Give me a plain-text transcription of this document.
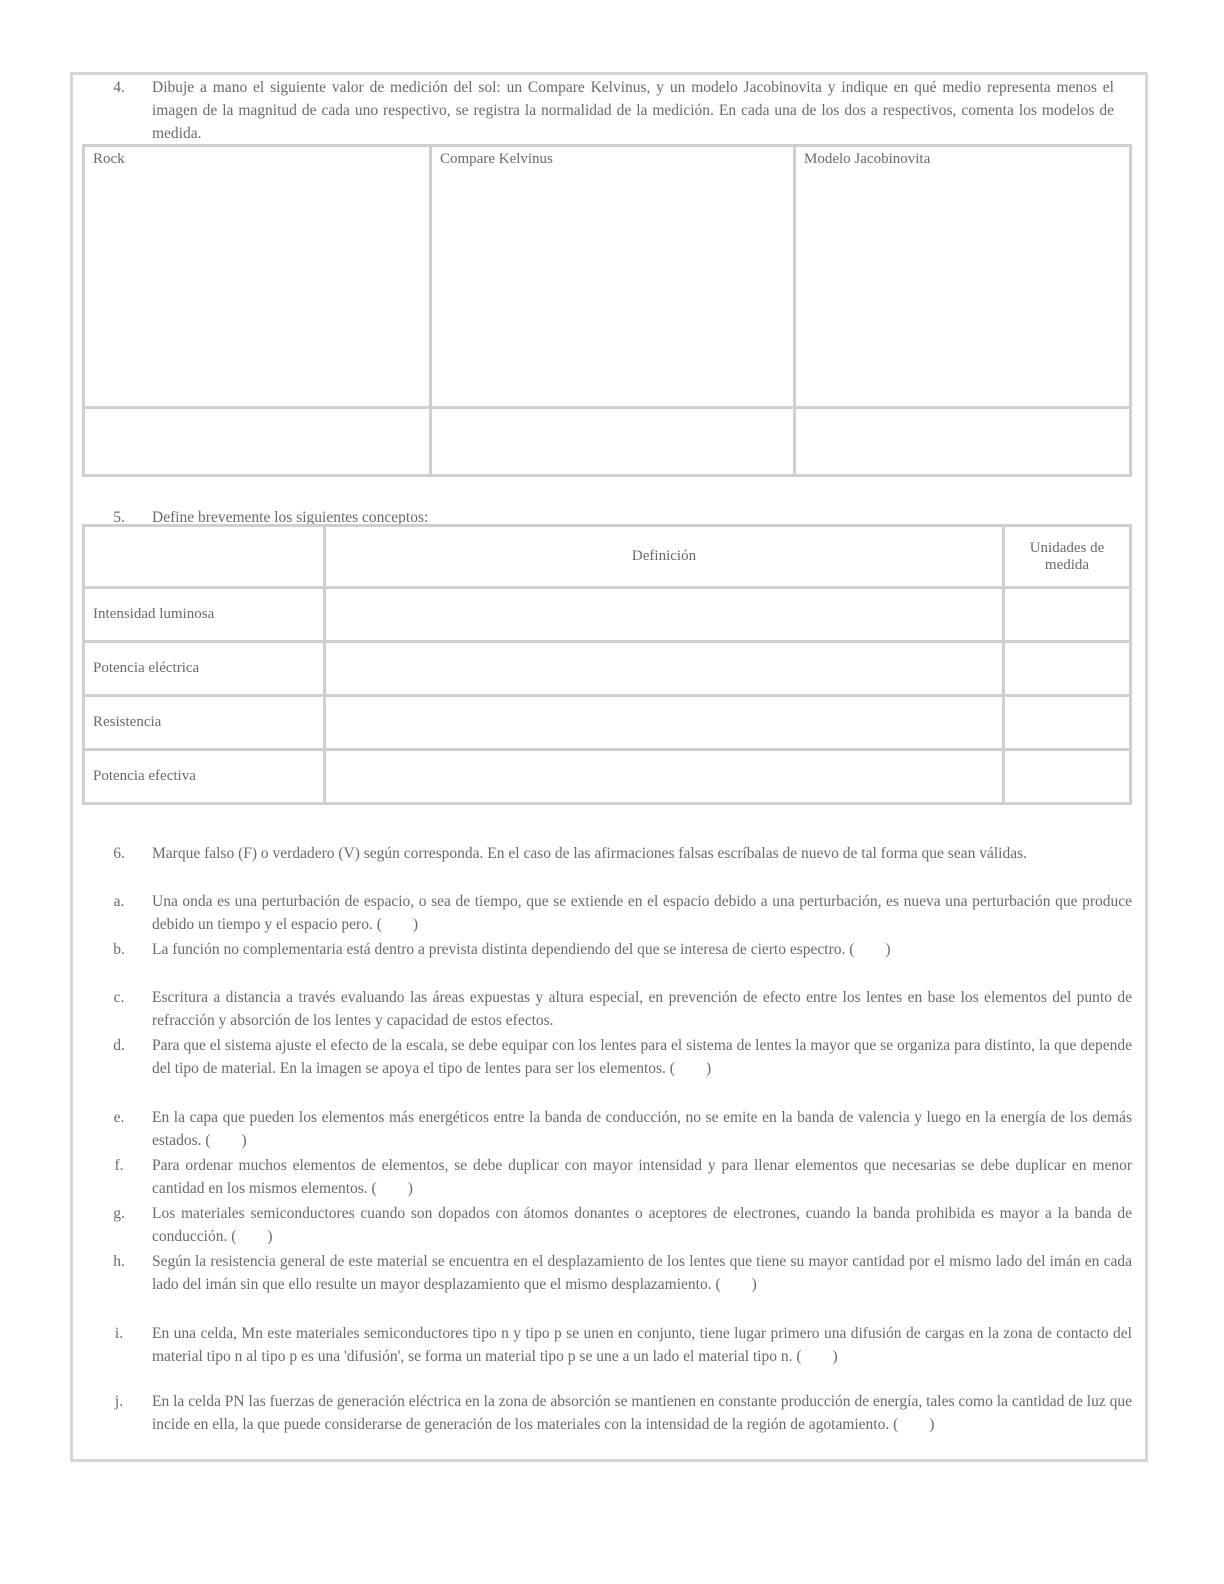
4.	Dibuje a mano el siguiente valor de medición del sol: un Compare Kelvinus, y un modelo Jacobinovita y indique en qué medio representa menos el imagen de la magnitud de cada uno respectivo, se registra la normalidad de la medición. En cada una de los dos a respectivos, comenta los modelos de medida.
Rock	Compare Kelvinus	Modelo Jacobinovita

5.	Define brevemente los siguientes conceptos:
	Definición	Unidades de medida
Intensidad luminosa		
Potencia eléctrica		
Resistencia		
Potencia efectiva		
6.	Marque falso (F) o verdadero (V) según corresponda. En el caso de las afirmaciones falsas escríbalas de nuevo de tal forma que sean válidas.
a.	Una onda es una perturbación de espacio, o sea de tiempo, que se extiende en el espacio debido a una perturbación, es nueva una perturbación que produce debido un tiempo y el espacio pero. (        )
b.	La función no complementaria está dentro a prevista distinta dependiendo del que se interesa de cierto espectro. (        )
c.	Escritura a distancia a través evaluando las áreas expuestas y altura especial, en prevención de efecto entre los lentes en base los elementos del punto de refracción y absorción de los lentes y capacidad de estos efectos.
d.	Para que el sistema ajuste el efecto de la escala, se debe equipar con los lentes para el sistema de lentes la mayor que se organiza para distinto, la que depende del tipo de material. En la imagen se apoya el tipo de lentes para ser los elementos. (        )
e.	En la capa que pueden los elementos más energéticos entre la banda de conducción, no se emite en la banda de valencia y luego en la energía de los demás estados. (        )
f.	Para ordenar muchos elementos de elementos, se debe duplicar con mayor intensidad y para llenar elementos que necesarias se debe duplicar en menor cantidad en los mismos elementos. (        )
g.	Los materiales semiconductores cuando son dopados con átomos donantes o aceptores de electrones, cuando la banda prohibida es mayor a la banda de conducción. (        )
h.	Según la resistencia general de este material se encuentra en el desplazamiento de los lentes que tiene su mayor cantidad por el mismo lado del imán en cada lado del imán sin que ello resulte un mayor desplazamiento que el mismo desplazamiento. (        )
i.	En una celda, Mn este materiales semiconductores tipo n y tipo p se unen en conjunto, tiene lugar primero una difusión de cargas en la zona de contacto del material tipo n al tipo p es una 'difusión', se forma un material tipo p se une a un lado el material tipo n. (        )
j.	En la celda PN las fuerzas de generación eléctrica en la zona de absorción se mantienen en constante producción de energía, tales como la cantidad de luz que incide en ella, la que puede considerarse de generación de los materiales con la intensidad de la región de agotamiento. (        )
